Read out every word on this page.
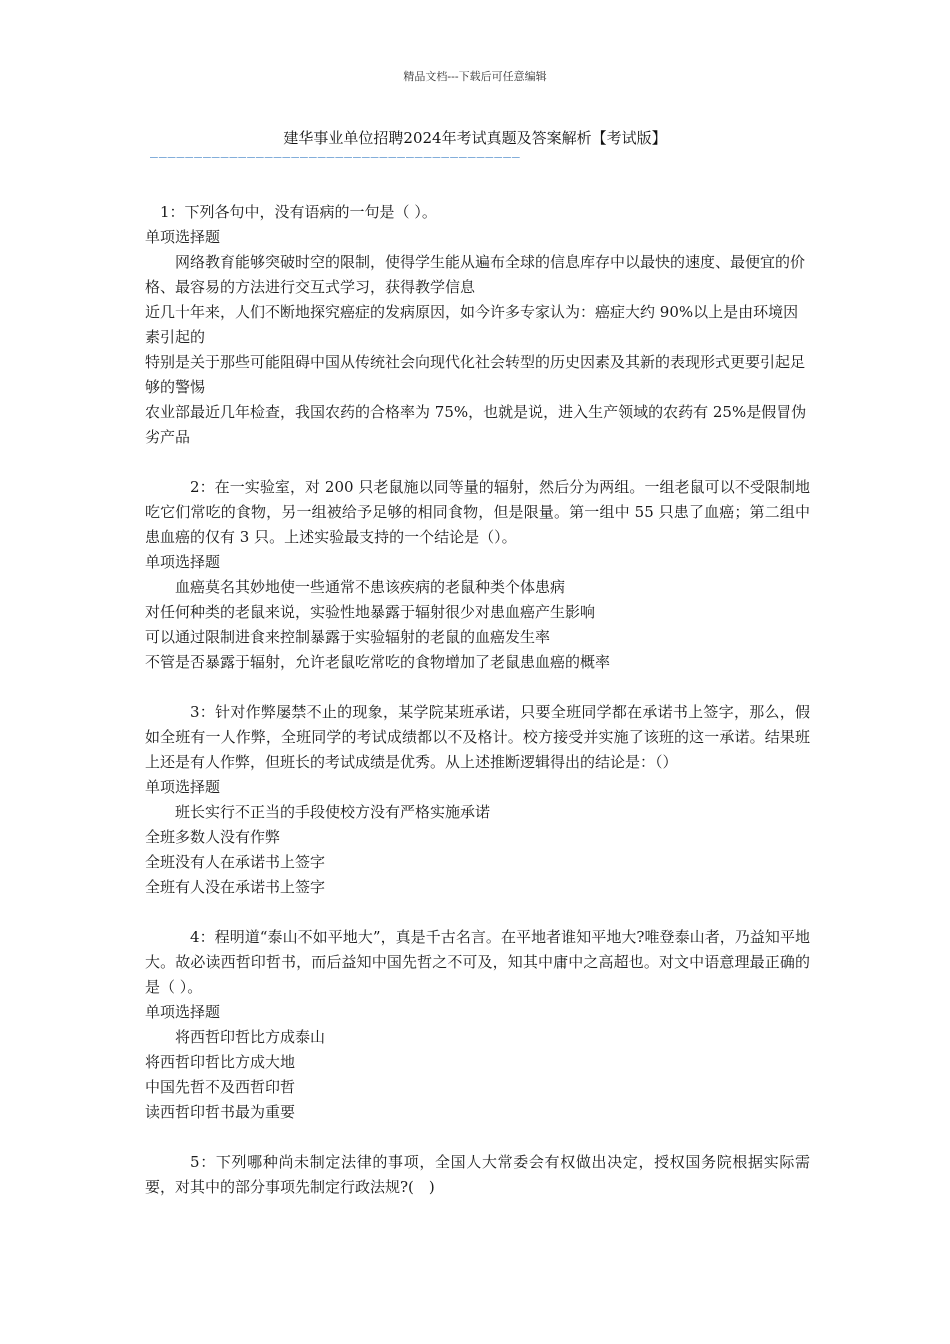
精品文档---下载后可任意编辑
建华事业单位招聘2024年考试真题及答案解析【考试版】
——————————————————————————————————————————
1：下列各句中，没有语病的一句是（ ）。
单项选择题
网络教育能够突破时空的限制，使得学生能从遍布全球的信息库存中以最快的速度、最便宜的价格、最容易的方法进行交互式学习，获得教学信息
近几十年来，人们不断地探究癌症的发病原因，如今许多专家认为：癌症大约 90%以上是由环境因素引起的
特别是关于那些可能阻碍中国从传统社会向现代化社会转型的历史因素及其新的表现形式更要引起足够的警惕
农业部最近几年检查，我国农药的合格率为 75%，也就是说，进入生产领域的农药有 25%是假冒伪劣产品
2：在一实验室，对 200 只老鼠施以同等量的辐射，然后分为两组。一组老鼠可以不受限制地吃它们常吃的食物，另一组被给予足够的相同食物，但是限量。第一组中 55 只患了血癌；第二组中患血癌的仅有 3 只。上述实验最支持的一个结论是（）。
单项选择题
血癌莫名其妙地使一些通常不患该疾病的老鼠种类个体患病
对任何种类的老鼠来说，实验性地暴露于辐射很少对患血癌产生影响
可以通过限制进食来控制暴露于实验辐射的老鼠的血癌发生率
不管是否暴露于辐射，允许老鼠吃常吃的食物增加了老鼠患血癌的概率
3：针对作弊屡禁不止的现象，某学院某班承诺，只要全班同学都在承诺书上签字，那么，假如全班有一人作弊，全班同学的考试成绩都以不及格计。校方接受并实施了该班的这一承诺。结果班上还是有人作弊，但班长的考试成绩是优秀。从上述推断逻辑得出的结论是：（）
单项选择题
班长实行不正当的手段使校方没有严格实施承诺
全班多数人没有作弊
全班没有人在承诺书上签字
全班有人没在承诺书上签字
4：程明道“泰山不如平地大”，真是千古名言。在平地者谁知平地大?唯登泰山者，乃益知平地大。故必读西哲印哲书，而后益知中国先哲之不可及，知其中庸中之高超也。对文中语意理最正确的是（ ）。
单项选择题
将西哲印哲比方成泰山
将西哲印哲比方成大地
中国先哲不及西哲印哲
读西哲印哲书最为重要
5：下列哪种尚未制定法律的事项，全国人大常委会有权做出决定，授权国务院根据实际需要，对其中的部分事项先制定行政法规?(　)
